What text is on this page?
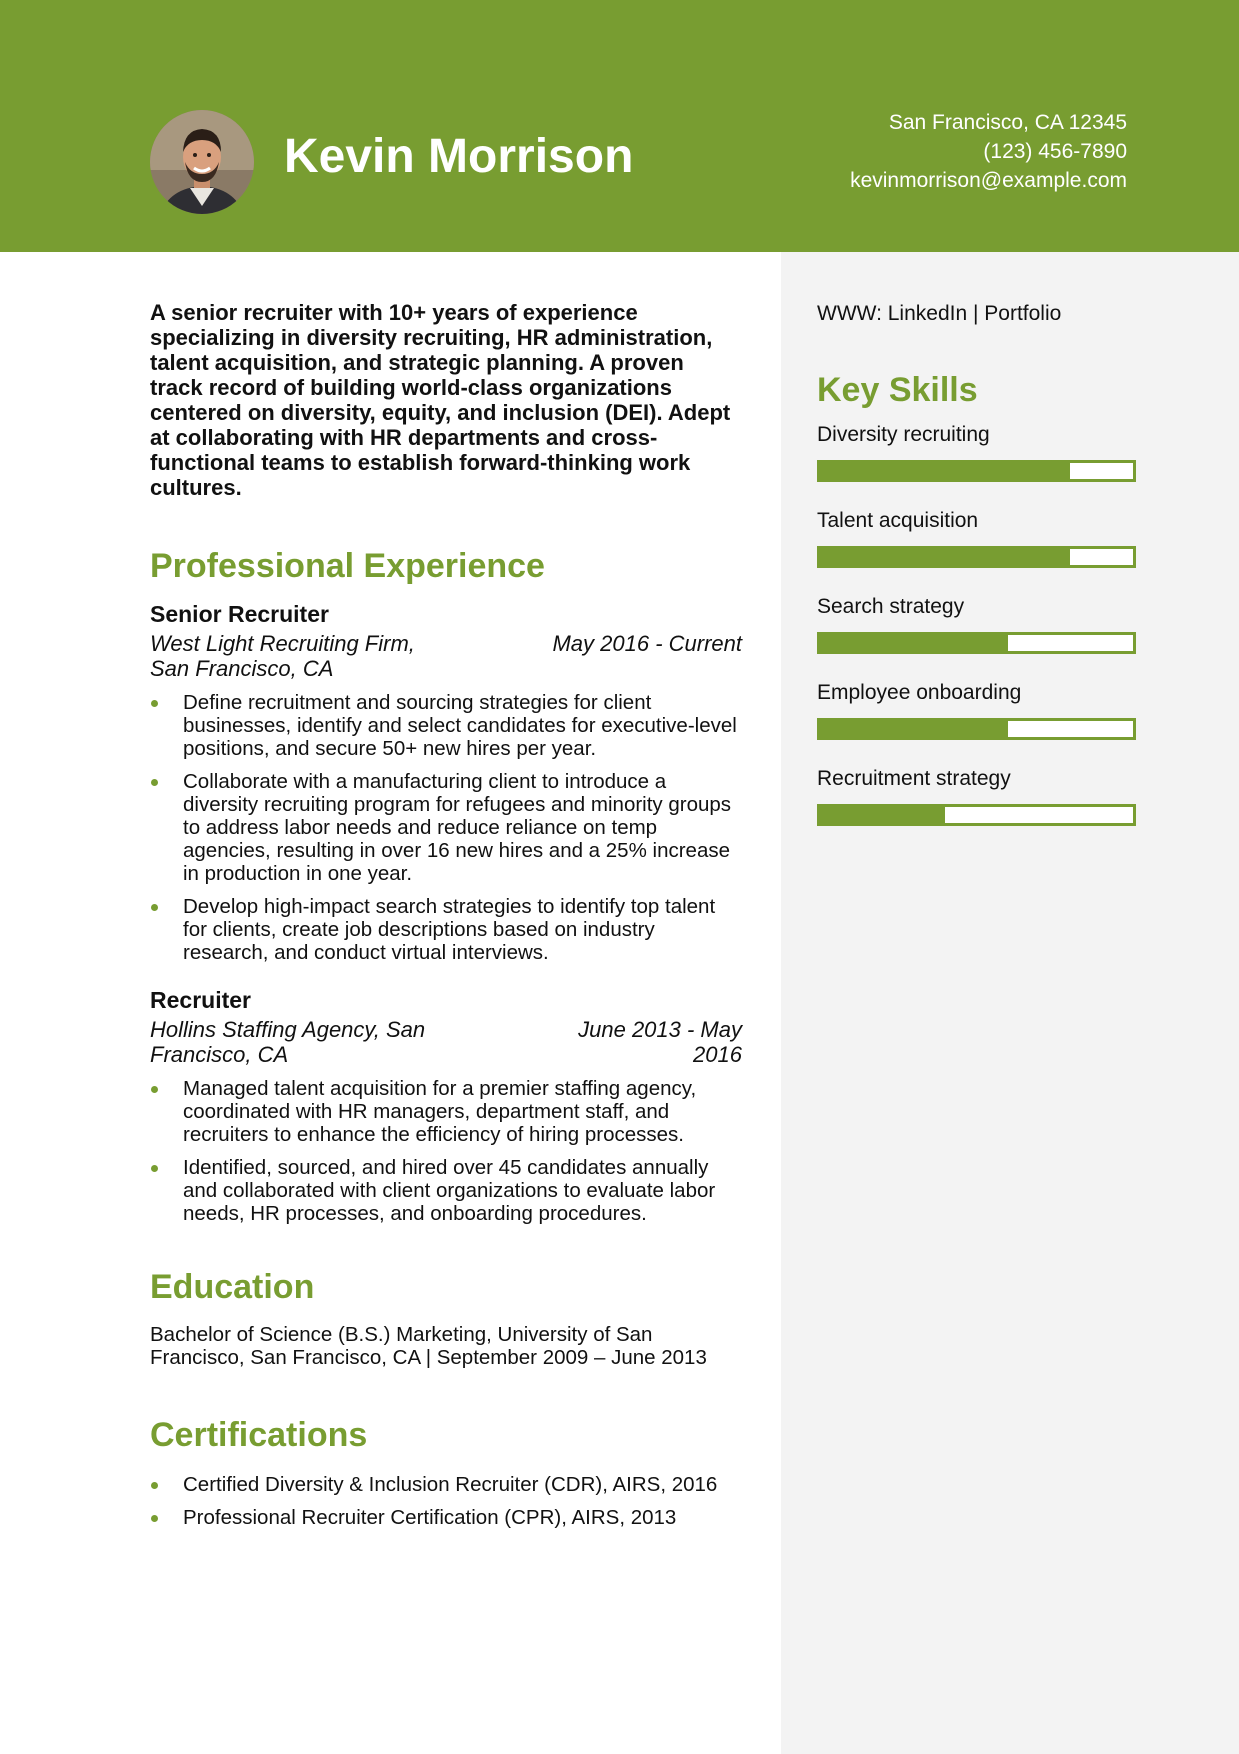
Kevin Morrison
San Francisco, CA 12345
(123) 456-7890
kevinmorrison@example.com

A senior recruiter with 10+ years of experience specializing in diversity recruiting, HR administration, talent acquisition, and strategic planning. A proven track record of building world-class organizations centered on diversity, equity, and inclusion (DEI). Adept at collaborating with HR departments and cross-functional teams to establish forward-thinking work cultures.

Professional Experience
Senior Recruiter
West Light Recruiting Firm, San Francisco, CA
May 2016 - Current
Define recruitment and sourcing strategies for client businesses, identify and select candidates for executive-level positions, and secure 50+ new hires per year.
Collaborate with a manufacturing client to introduce a diversity recruiting program for refugees and minority groups to address labor needs and reduce reliance on temp agencies, resulting in over 16 new hires and a 25% increase in production in one year.
Develop high-impact search strategies to identify top talent for clients, create job descriptions based on industry research, and conduct virtual interviews.
Recruiter
Hollins Staffing Agency, San Francisco, CA
June 2013 - May 2016
Managed talent acquisition for a premier staffing agency, coordinated with HR managers, department staff, and recruiters to enhance the efficiency of hiring processes.
Identified, sourced, and hired over 45 candidates annually and collaborated with client organizations to evaluate labor needs, HR processes, and onboarding procedures.
Education

Bachelor of Science (B.S.) Marketing, University of San Francisco, San Francisco, CA | September 2009 – June 2013

Certifications
Certified Diversity & Inclusion Recruiter (CDR), AIRS, 2016
Professional Recruiter Certification (CPR), AIRS, 2013

WWW: LinkedIn | Portfolio

Key Skills

Diversity recruiting

Talent acquisition

Search strategy

Employee onboarding

Recruitment strategy
